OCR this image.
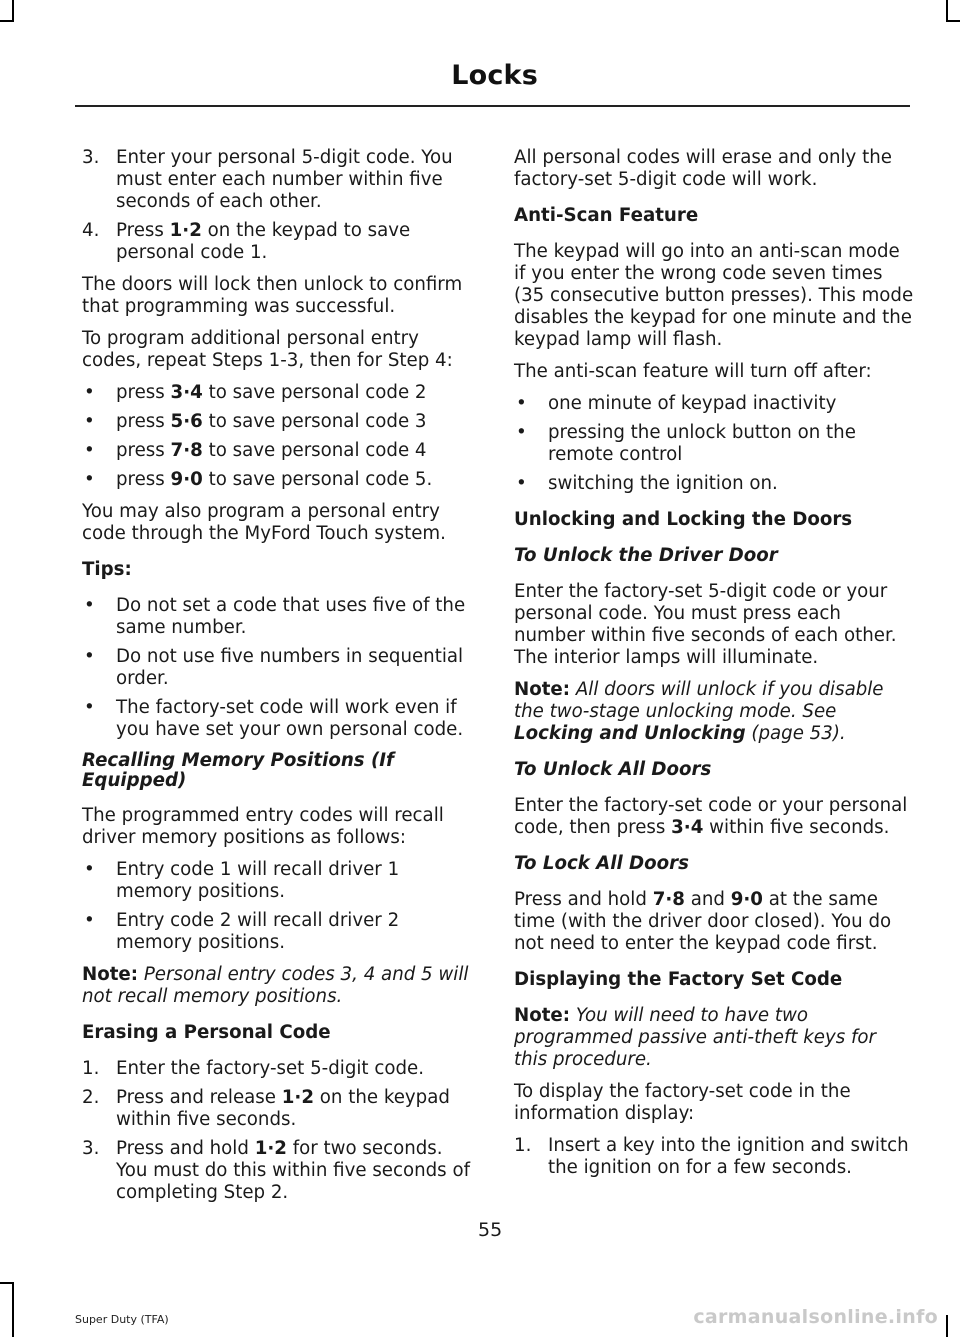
Locks
3. Enter your personal 5-digit code. You must enter each number within five seconds of each other.
4. Press 1·2 on the keypad to save personal code 1.

The doors will lock then unlock to confirm that programming was successful.

To program additional personal entry codes, repeat Steps 1-3, then for Step 4:

• press 3·4 to save personal code 2
• press 5·6 to save personal code 3
• press 7·8 to save personal code 4
• press 9·0 to save personal code 5.

You may also program a personal entry code through the MyFord Touch system.

Tips:
• Do not set a code that uses five of the same number.
• Do not use five numbers in sequential order.
• The factory-set code will work even if you have set your own personal code.
Recalling Memory Positions (If Equipped)

The programmed entry codes will recall driver memory positions as follows:

• Entry code 1 will recall driver 1 memory positions.
• Entry code 2 will recall driver 2 memory positions.

Note: Personal entry codes 3, 4 and 5 will not recall memory positions.

Erasing a Personal Code
1. Enter the factory-set 5-digit code.
2. Press and release 1·2 on the keypad within five seconds.
3. Press and hold 1·2 for two seconds. You must do this within five seconds of completing Step 2.

All personal codes will erase and only the factory-set 5-digit code will work.

Anti-Scan Feature

The keypad will go into an anti-scan mode if you enter the wrong code seven times (35 consecutive button presses). This mode disables the keypad for one minute and the keypad lamp will flash.

The anti-scan feature will turn off after:

• one minute of keypad inactivity
• pressing the unlock button on the remote control
• switching the ignition on.
Unlocking and Locking the Doors
To Unlock the Driver Door

Enter the factory-set 5-digit code or your personal code. You must press each number within five seconds of each other. The interior lamps will illuminate.

Note: All doors will unlock if you disable the two-stage unlocking mode. See Locking and Unlocking (page 53).

To Unlock All Doors

Enter the factory-set code or your personal code, then press 3·4 within five seconds.

To Lock All Doors

Press and hold 7·8 and 9·0 at the same time (with the driver door closed). You do not need to enter the keypad code first.

Displaying the Factory Set Code

Note: You will need to have two programmed passive anti-theft keys for this procedure.

To display the factory-set code in the information display:

1. Insert a key into the ignition and switch the ignition on for a few seconds.
55
Super Duty (TFA)	carmanualsonline.info
